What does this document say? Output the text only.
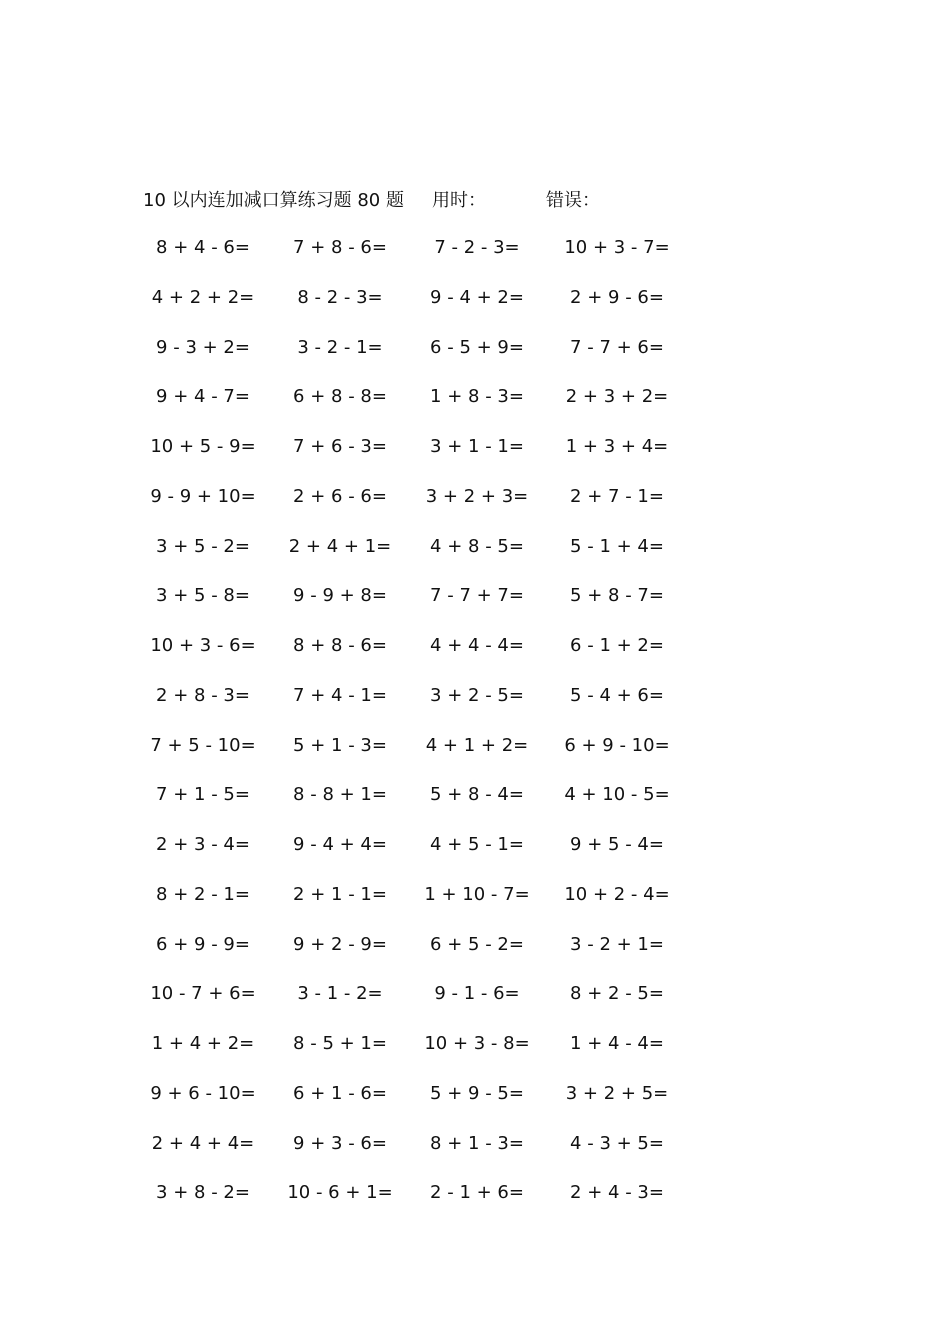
10 以内连加减口算练习题 80 题 用时：	错误：
8 + 4 - 6= 7 + 8 - 6=	7 - 2 - 3= 10 + 3 - 7=
4 + 2 + 2= 8 - 2 - 3=	9 - 4 + 2=	2 + 9 - 6=
9 - 3 + 2=	3 - 2 - 1=	6 - 5 + 9=	7 - 7 + 6=
9 + 4 - 7= 6 + 8 - 8= 1 + 8 - 3= 2 + 3 + 2=
10 + 5 - 9= 7 + 6 - 3= 3 + 1 - 1= 1 + 3 + 4=
9 - 9 + 10= 2 + 6 - 6= 3 + 2 + 3= 2 + 7 - 1=
3 + 5 - 2= 2 + 4 + 1= 4 + 8 - 5=	5 - 1 + 4=
3 + 5 - 8= 9 - 9 + 8= 7 - 7 + 7=	5 + 8 - 7=
10 + 3 - 6= 8 + 8 - 6= 4 + 4 - 4=	6 - 1 + 2=
2 + 8 - 3= 7 + 4 - 1= 3 + 2 - 5=	5 - 4 + 6=
7 + 5 - 10= 5 + 1 - 3= 4 + 1 + 2= 6 + 9 - 10=
7 + 1 - 5= 8 - 8 + 1= 5 + 8 - 4= 4 + 10 - 5=
2 + 3 - 4= 9 - 4 + 4= 4 + 5 - 1=	9 + 5 - 4=
8 + 2 - 1= 2 + 1 - 1= 1 + 10 - 7= 10 + 2 - 4=
6 + 9 - 9= 9 + 2 - 9= 6 + 5 - 2=	3 - 2 + 1=
10 - 7 + 6= 3 - 1 - 2=	9 - 1 - 6=	8 + 2 - 5=
1 + 4 + 2= 8 - 5 + 1= 10 + 3 - 8= 1 + 4 - 4=
9 + 6 - 10= 6 + 1 - 6= 5 + 9 - 5= 3 + 2 + 5=
2 + 4 + 4= 9 + 3 - 6= 8 + 1 - 3=	4 - 3 + 5=
3 + 8 - 2= 10 - 6 + 1= 2 - 1 + 6=	2 + 4 - 3=
